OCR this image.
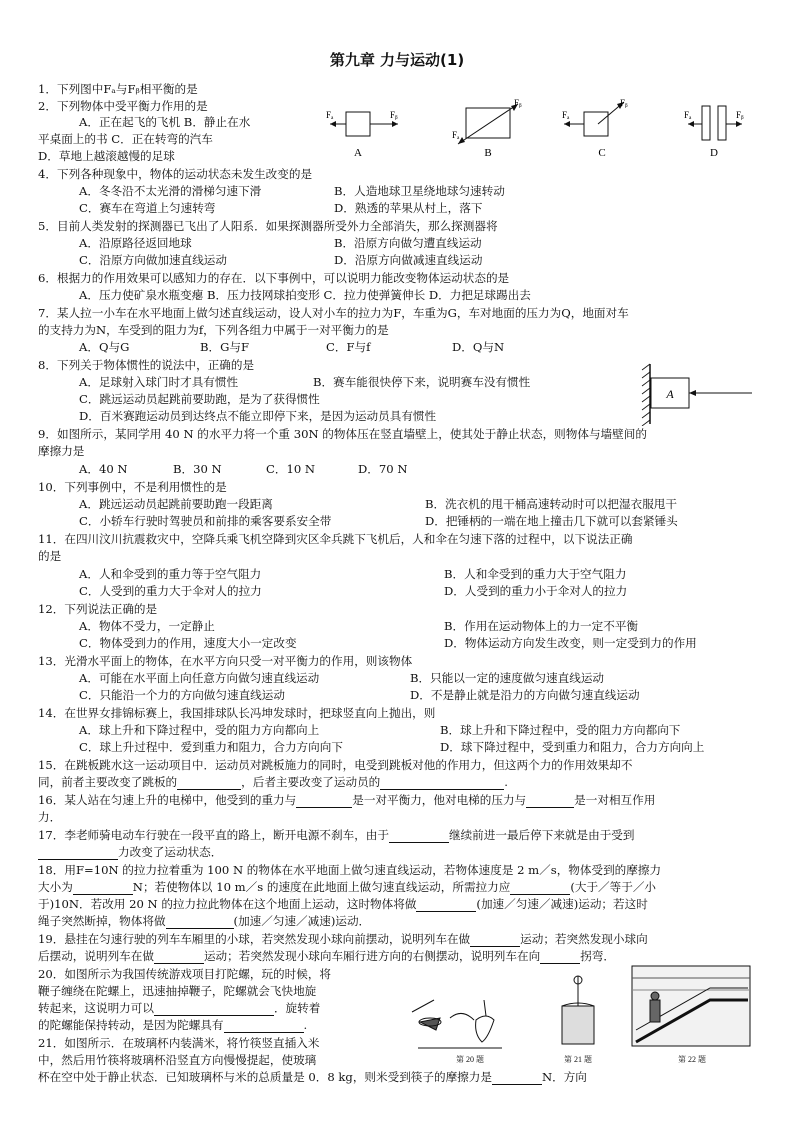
第九章 力与运动(1)
1．下列图中Fₐ与Fᵦ相平衡的是
2．下列物体中受平衡力作用的是
A．正在起飞的飞机 B．静止在水
平桌面上的书 C．正在转弯的汽车
D．草地上越滚越慢的足球
Fₐ	Fᵦ
A
Fₐ
Fᵦ
B
Fₐ
Fᵦ
C
Fₐ	Fᵦ
D
4．下列各种现象中，物体的运动状态未发生改变的是
A．冬冬沿不太光滑的滑梯匀速下滑	B．人造地球卫星绕地球匀速转动
C．赛车在弯道上匀速转弯	D．熟透的苹果从村上，落下
5．目前人类发射的探测器已飞出了人阳系．如果探测器所受外力全部消失，那么探测器将
A．沿原路径返回地球	B．沿原方向做匀遭直线运动
C．沿原方向做加速直线运动	D．沿原方向做减速直线运动
6．根据力的作用效果可以感知力的存在．以下事例中，可以说明力能改变物体运动状态的是
A．压力使矿泉水瓶变瘪 B．压力技网球拍变形 C．拉力使弹簧伸长 D．力把足球踢出去
7．某人拉一小车在水平地面上做匀述直线运动，设人对小车的拉力为F，车重为G，车对地面的压力为Q，地面对车
的支持力为N，车受到的阻力为f，下列各组力中属于一对平衡力的是
A．Q与G	B．G与F	C．F与f	D．Q与N
8．下列关于物体惯性的说法中，正确的是
A．足球射入球门时才具有惯性	B．赛车能很快停下来，说明赛车没有惯性
C．跳远运动员起跳前要助跑，是为了获得惯性
D．百米赛跑运动员到达终点不能立即停下来，是因为运动员具有惯性
A
9．如图所示，某同学用 40 N 的水平力将一个重 30N 的物体压在竖直墙壁上，使其处于静止状态，则物体与墙壁间的
摩擦力是
A．40 N	B．30 N	C．10 N	D．70 N
10．下列事例中，不是利用惯性的是
A．跳远运动员起跳前要助跑一段距离	B．洗衣机的甩干桶高速转动时可以把湿衣服甩干
C．小轿车行驶时驾驶员和前排的乘客要系安全带	D．把锤柄的一端在地上撞击几下就可以套紧锤头
11．在四川汶川抗震救灾中，空降兵乘飞机空降到灾区伞兵跳下飞机后，人和伞在匀速下落的过程中，以下说法正确
的是
A．人和伞受到的重力等于空气阻力	B．人和伞受到的重力大于空气阻力
C．人受到的重力大于伞对人的拉力	D．人受到的重力小于伞对人的拉力
12．下列说法正确的是
A．物体不受力，一定静止	B．作用在运动物体上的力一定不平衡
C．物体受到力的作用，速度大小一定改变	D．物体运动方向发生改变，则一定受到力的作用
13．光滑水平面上的物体，在水平方向只受一对平衡力的作用，则该物体
A．可能在水平面上向任意方向做匀速直线运动	B．只能以一定的速度做匀速直线运动
C．只能沿一个力的方向做匀速直线运动	D．不是静止就是沿力的方向做匀速直线运动
14．在世界女排锦标赛上，我国排球队长冯坤发球时，把球竖直向上抛出，则
A．球上升和下降过程中，受的阻力方向都向上	B．球上升和下降过程中，受的阻力方向都向下
C．球上升过程中．爱到重力和阻力，合力方向向下	D．球下降过程中，受到重力和阻力，合力方向向上
15．在跳板跳水这一运动项目中．运动员对跳板施力的同时，电受到跳板对他的作用力，但这两个力的作用效果却不
同，前者主要改变了跳板的	，后者主要改变了运动员的	.
16．某人站在匀速上升的电梯中，他受到的重力与	是一对平衡力，他对电梯的压力与	是一对相互作用
力．
17．李老师骑电动车行驶在一段平直的路上，断开电源不刹车，由于	继续前进一最后停下来就是由于受到
力改变了运动状态．
18．用F=10N 的拉力拉着重为 100 N 的物体在水平地面上做匀速直线运动，若物体速度是 2 m／s，物体受到的摩擦力
大小为	N；若使物体以 10 m／s 的速度在此地面上做匀速直线运动，所需拉力应	(大于／等于／小
于)10N．若改用 20 N 的拉力拉此物体在这个地面上运动，这时物体将做	(加速／匀速／减速)运动；若这时
绳子突然断掉，物体将做	(加速／匀速／减速)运动．
19．悬挂在匀速行驶的列车车厢里的小球，若突然发现小球向前摆动，说明列车在做	运动；若突然发现小球向
后摆动，说明列车在做	运动；若突然发现小球向车厢行进方向的右侧摆动，说明列车在向	拐弯．
20．如图所示为我国传统游戏项目打陀螺，玩的时候，将
鞭子缠绕在陀螺上，迅速抽掉鞭子，陀螺就会飞快地旋
转起来，这说明力可以	．旋转着
的陀螺能保持转动，是因为陀螺具有	.
21．如图所示．在玻璃杯内装满米，将竹筷竖直插入米
中，然后用竹筷将玻璃杯沿竖直方向慢慢提起，使玻璃
杯在空中处于静止状态．已知玻璃杯与米的总质量是 0．8 kg，则米受到筷子的摩擦力是	N．方向
第 20 题	第 21 题	第 22 题
